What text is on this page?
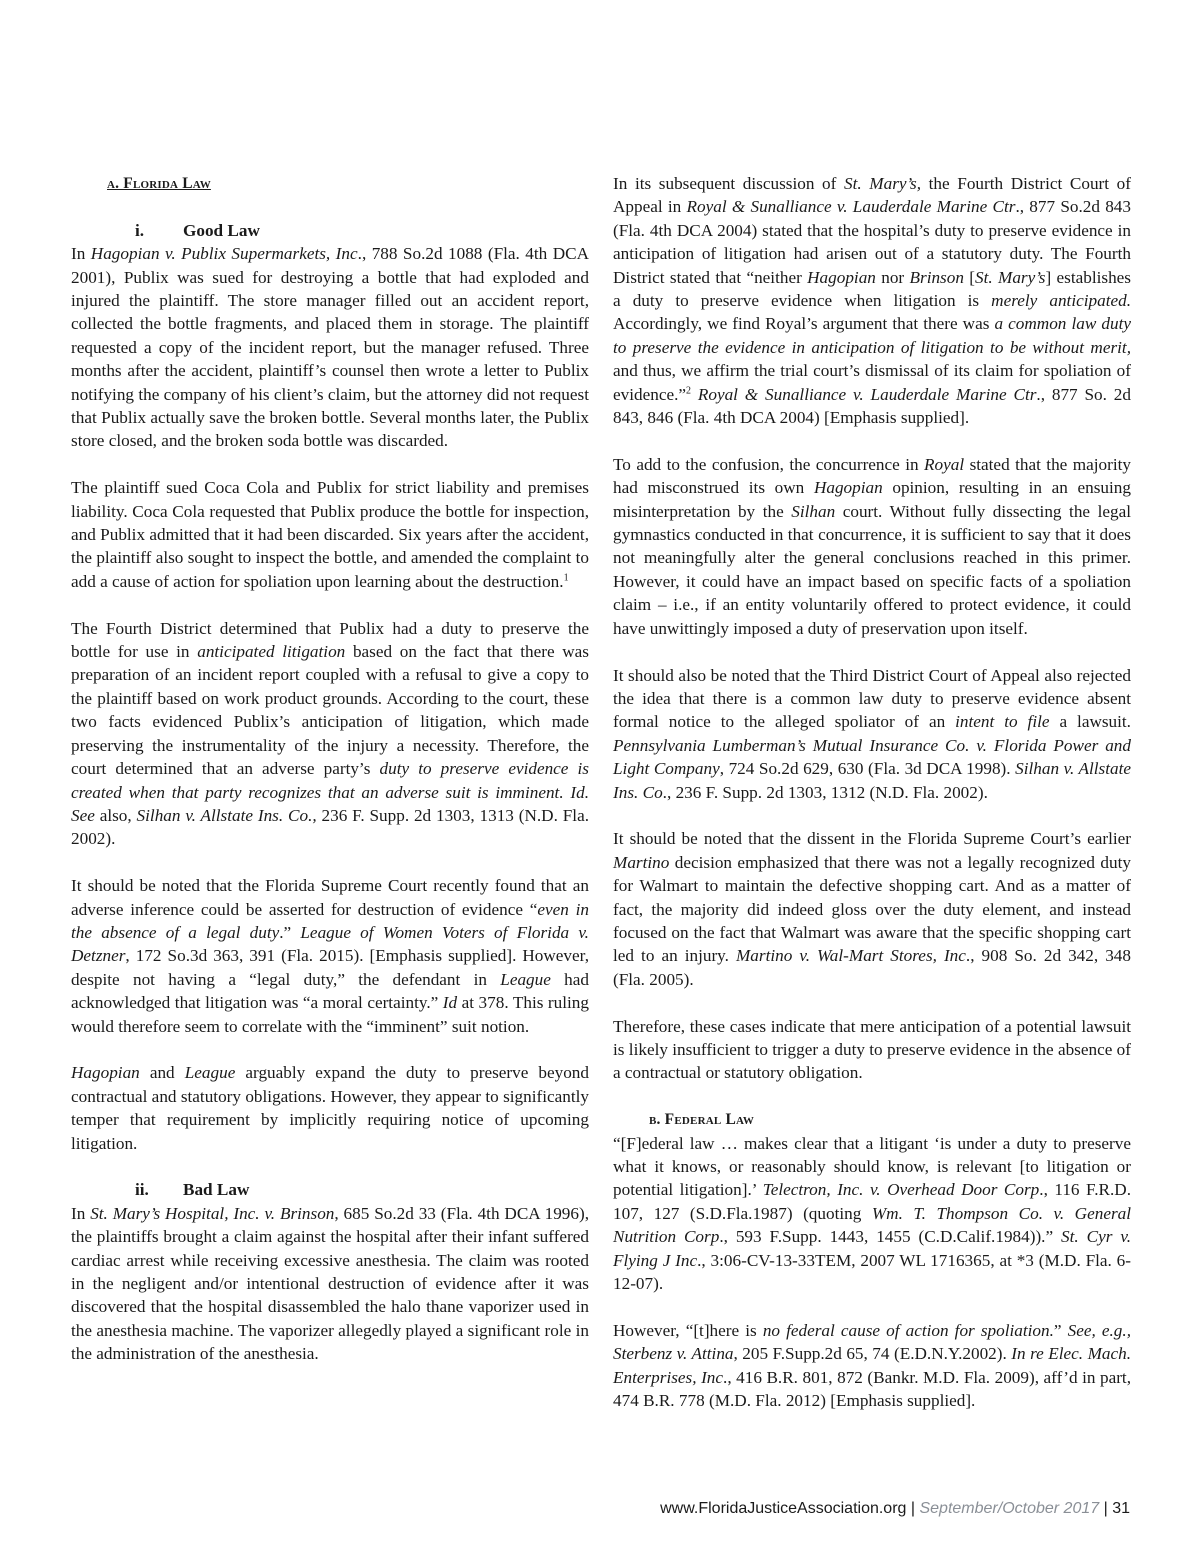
a. Florida Law
i. Good Law

In Hagopian v. Publix Supermarkets, Inc., 788 So.2d 1088 (Fla. 4th DCA 2001), Publix was sued for destroying a bottle that had exploded and injured the plaintiff. The store manager filled out an accident report, collected the bottle fragments, and placed them in storage. The plaintiff requested a copy of the incident report, but the manager refused. Three months after the accident, plaintiff’s counsel then wrote a letter to Publix notifying the company of his client’s claim, but the attorney did not request that Publix actually save the broken bottle. Several months later, the Publix store closed, and the broken soda bottle was discarded.

The plaintiff sued Coca Cola and Publix for strict liability and premises liability. Coca Cola requested that Publix produce the bottle for inspection, and Publix admitted that it had been discarded. Six years after the accident, the plaintiff also sought to inspect the bottle, and amended the complaint to add a cause of action for spoliation upon learning about the destruction.$^1$

The Fourth District determined that Publix had a duty to preserve the bottle for use in anticipated litigation based on the fact that there was preparation of an incident report coupled with a refusal to give a copy to the plaintiff based on work product grounds. According to the court, these two facts evidenced Publix’s anticipation of litigation, which made preserving the instrumentality of the injury a necessity. Therefore, the court determined that an adverse party’s duty to preserve evidence is created when that party recognizes that an adverse suit is imminent. Id. See also, Silhan v. Allstate Ins. Co., 236 F. Supp. 2d 1303, 1313 (N.D. Fla. 2002).

It should be noted that the Florida Supreme Court recently found that an adverse inference could be asserted for destruction of evidence “even in the absence of a legal duty.” League of Women Voters of Florida v. Detzner, 172 So.3d 363, 391 (Fla. 2015). [Emphasis supplied]. However, despite not having a “legal duty,” the defendant in League had acknowledged that litigation was “a moral certainty.” Id at 378. This ruling would therefore seem to correlate with the “imminent” suit notion.

Hagopian and League arguably expand the duty to preserve beyond contractual and statutory obligations. However, they appear to significantly temper that requirement by implicitly requiring notice of upcoming litigation.

ii. Bad Law

In St. Mary’s Hospital, Inc. v. Brinson, 685 So.2d 33 (Fla. 4th DCA 1996), the plaintiffs brought a claim against the hospital after their infant suffered cardiac arrest while receiving excessive anesthesia. The claim was rooted in the negligent and/or intentional destruction of evidence after it was discovered that the hospital disassembled the halo thane vaporizer used in the anesthesia machine. The vaporizer allegedly played a significant role in the administration of the anesthesia.

In its subsequent discussion of St. Mary’s, the Fourth District Court of Appeal in Royal & Sunalliance v. Lauderdale Marine Ctr., 877 So.2d 843 (Fla. 4th DCA 2004) stated that the hospital’s duty to preserve evidence in anticipation of litigation had arisen out of a statutory duty. The Fourth District stated that “neither Hagopian nor Brinson [St. Mary’s] establishes a duty to preserve evidence when litigation is merely anticipated. Accordingly, we find Royal’s argument that there was a common law duty to preserve the evidence in anticipation of litigation to be without merit, and thus, we affirm the trial court’s dismissal of its claim for spoliation of evidence.”$^2$ Royal & Sunalliance v. Lauderdale Marine Ctr., 877 So. 2d 843, 846 (Fla. 4th DCA 2004) [Emphasis supplied].

To add to the confusion, the concurrence in Royal stated that the majority had misconstrued its own Hagopian opinion, resulting in an ensuing misinterpretation by the Silhan court. Without fully dissecting the legal gymnastics conducted in that concurrence, it is sufficient to say that it does not meaningfully alter the general conclusions reached in this primer. However, it could have an impact based on specific facts of a spoliation claim – i.e., if an entity voluntarily offered to protect evidence, it could have unwittingly imposed a duty of preservation upon itself.

It should also be noted that the Third District Court of Appeal also rejected the idea that there is a common law duty to preserve evidence absent formal notice to the alleged spoliator of an intent to file a lawsuit. Pennsylvania Lumberman’s Mutual Insurance Co. v. Florida Power and Light Company, 724 So.2d 629, 630 (Fla. 3d DCA 1998). Silhan v. Allstate Ins. Co., 236 F. Supp. 2d 1303, 1312 (N.D. Fla. 2002).

It should be noted that the dissent in the Florida Supreme Court’s earlier Martino decision emphasized that there was not a legally recognized duty for Walmart to maintain the defective shopping cart. And as a matter of fact, the majority did indeed gloss over the duty element, and instead focused on the fact that Walmart was aware that the specific shopping cart led to an injury. Martino v. Wal-Mart Stores, Inc., 908 So. 2d 342, 348 (Fla. 2005).

Therefore, these cases indicate that mere anticipation of a potential lawsuit is likely insufficient to trigger a duty to preserve evidence in the absence of a contractual or statutory obligation.

b. Federal Law

“[F]ederal law … makes clear that a litigant ‘is under a duty to preserve what it knows, or reasonably should know, is relevant [to litigation or potential litigation].’ Telectron, Inc. v. Overhead Door Corp., 116 F.R.D. 107, 127 (S.D.Fla.1987) (quoting Wm. T. Thompson Co. v. General Nutrition Corp., 593 F.Supp. 1443, 1455 (C.D.Calif.1984)).” St. Cyr v. Flying J Inc., 3:06-CV-13-33TEM, 2007 WL 1716365, at *3 (M.D. Fla. 6-12-07).

However, “[t]here is no federal cause of action for spoliation.” See, e.g., Sterbenz v. Attina, 205 F.Supp.2d 65, 74 (E.D.N.Y.2002). In re Elec. Mach. Enterprises, Inc., 416 B.R. 801, 872 (Bankr. M.D. Fla. 2009), aff’d in part, 474 B.R. 778 (M.D. Fla. 2012) [Emphasis supplied].

www.FloridaJusticeAssociation.org | September/October 2017 | 31
